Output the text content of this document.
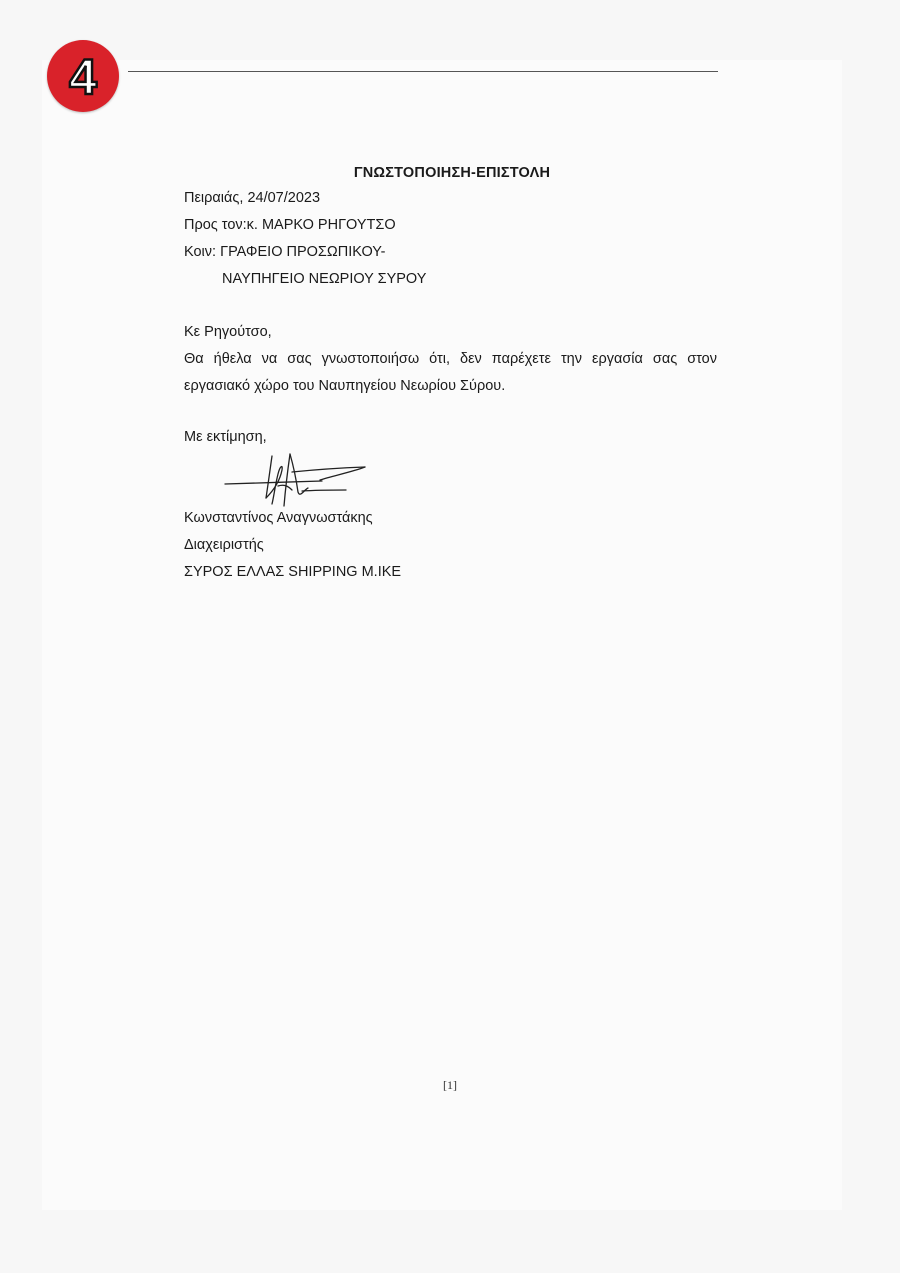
4
ΓΝΩΣΤΟΠΟΙΗΣΗ-ΕΠΙΣΤΟΛΗ
Πειραιάς, 24/07/2023
Προς τον:κ. ΜΑΡΚΟ ΡΗΓΟΥΤΣΟ
Κοιν: ΓΡΑΦΕΙΟ ΠΡΟΣΩΠΙΚΟΥ-
ΝΑΥΠΗΓΕΙΟ ΝΕΩΡΙΟΥ ΣΥΡΟΥ
Κε Ρηγούτσο,
Θα ήθελα να σας γνωστοποιήσω ότι, δεν παρέχετε την εργασία σας στον
εργασιακό χώρο του Ναυπηγείου Νεωρίου Σύρου.
Με εκτίμηση,
Κωνσταντίνος Αναγνωστάκης
Διαχειριστής
ΣΥΡΟΣ ΕΛΛΑΣ SHIPPING M.IKE
[1]
